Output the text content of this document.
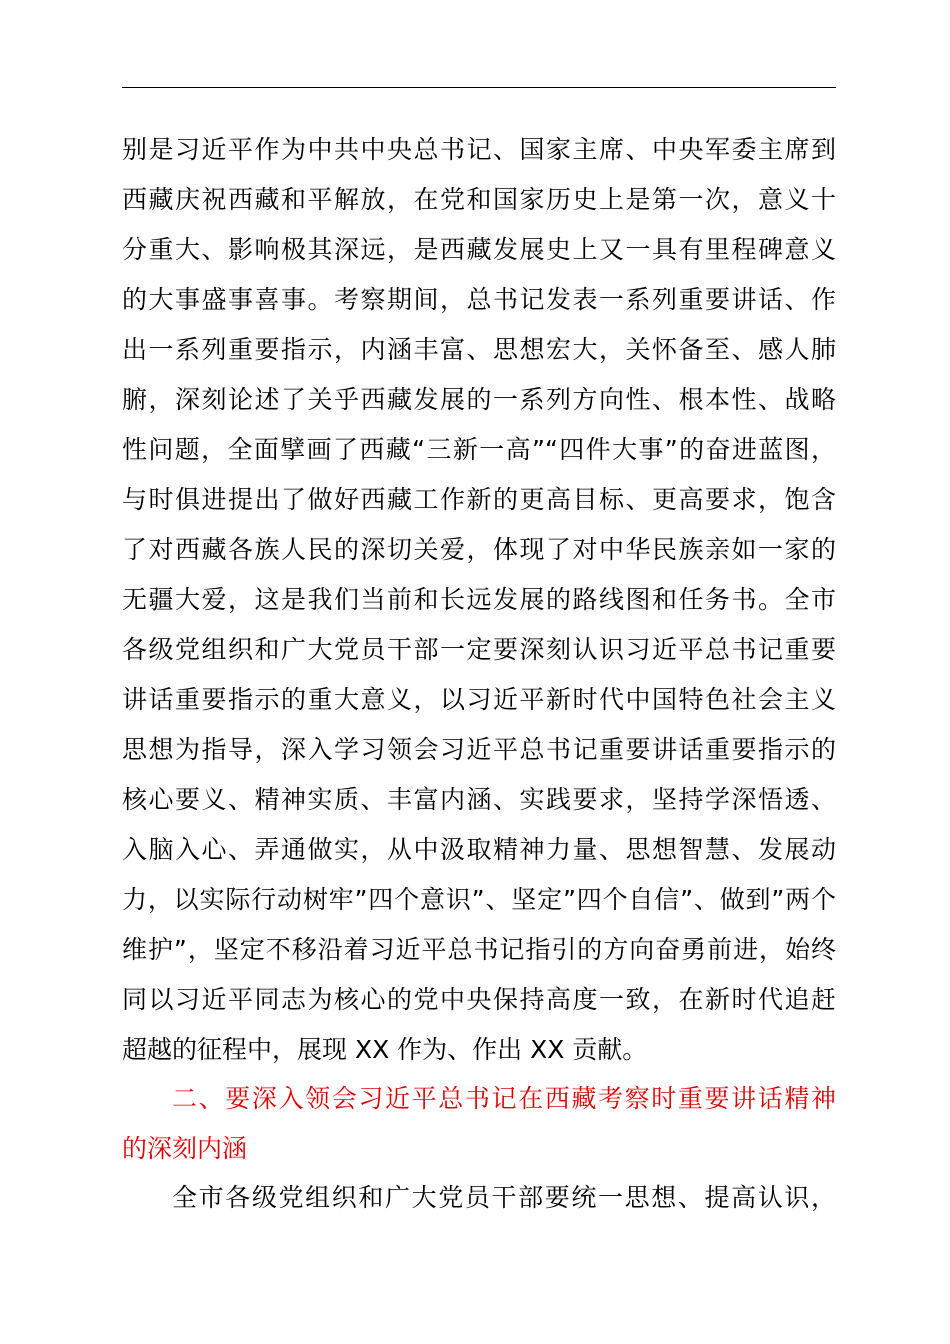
别是习近平作为中共中央总书记、国家主席、中央军委主席到
西藏庆祝西藏和平解放，在党和国家历史上是第一次，意义十
分重大、影响极其深远，是西藏发展史上又一具有里程碑意义
的大事盛事喜事。考察期间，总书记发表一系列重要讲话、作
出一系列重要指示，内涵丰富、思想宏大，关怀备至、感人肺
腑，深刻论述了关乎西藏发展的一系列方向性、根本性、战略
性问题，全面擘画了西藏“三新一高”“四件大事”的奋进蓝图，
与时俱进提出了做好西藏工作新的更高目标、更高要求，饱含
了对西藏各族人民的深切关爱，体现了对中华民族亲如一家的
无疆大爱，这是我们当前和长远发展的路线图和任务书。全市
各级党组织和广大党员干部一定要深刻认识习近平总书记重要
讲话重要指示的重大意义，以习近平新时代中国特色社会主义
思想为指导，深入学习领会习近平总书记重要讲话重要指示的
核心要义、精神实质、丰富内涵、实践要求，坚持学深悟透、
入脑入心、弄通做实，从中汲取精神力量、思想智慧、发展动
力，以实际行动树牢”四个意识”、坚定”四个自信”、做到”两个
维护”，坚定不移沿着习近平总书记指引的方向奋勇前进，始终
同以习近平同志为核心的党中央保持高度一致，在新时代追赶
超越的征程中，展现 XX 作为、作出 XX 贡献。
二、要深入领会习近平总书记在西藏考察时重要讲话精神
的深刻内涵
全市各级党组织和广大党员干部要统一思想、提高认识，
